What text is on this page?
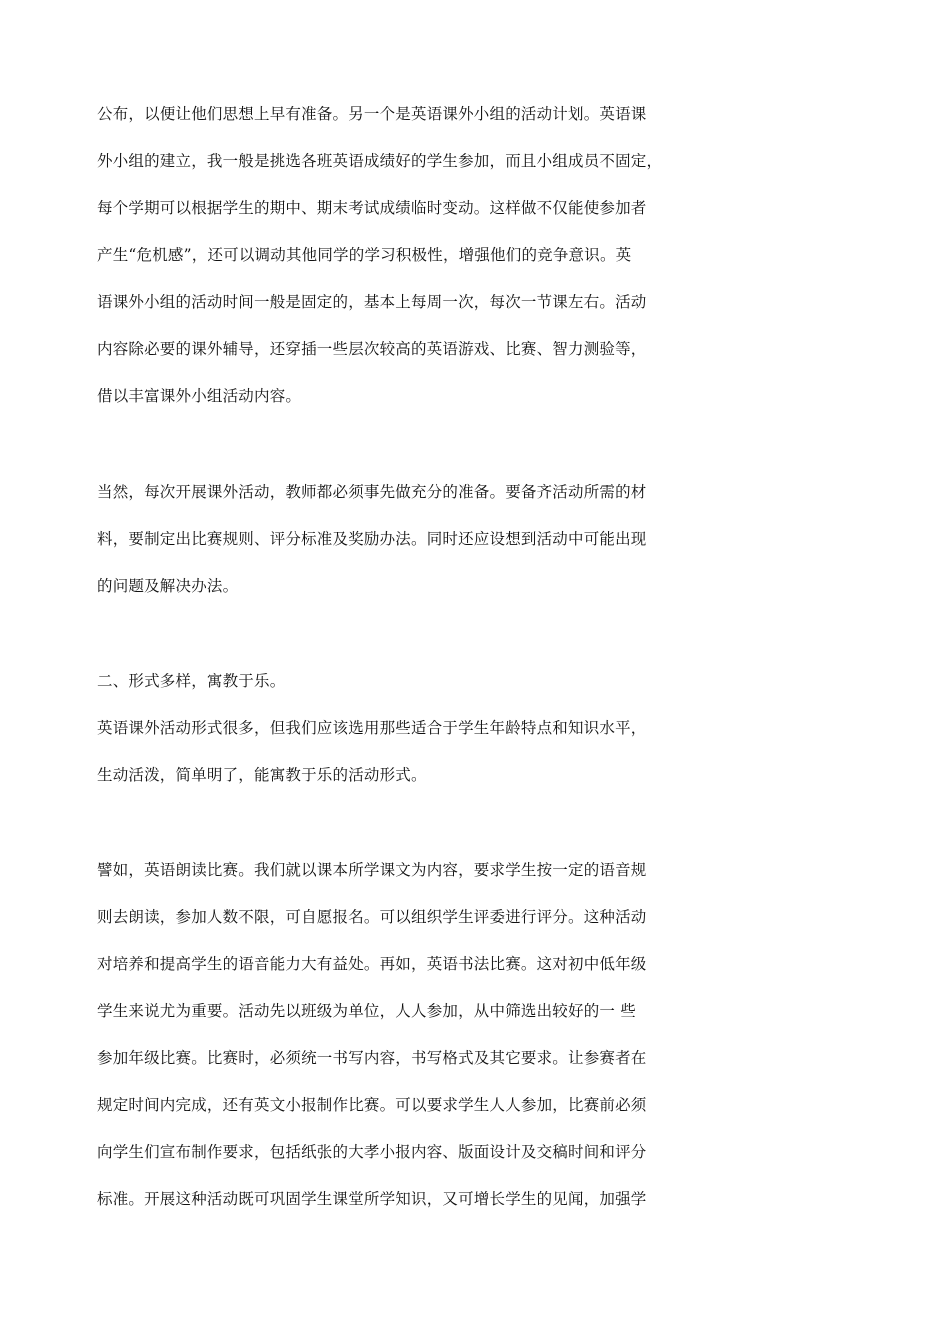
公布，以便让他们思想上早有准备。另一个是英语课外小组的活动计划。英语课
外小组的建立，我一般是挑选各班英语成绩好的学生参加，而且小组成员不固定，
每个学期可以根据学生的期中、期末考试成绩临时变动。这样做不仅能使参加者
产生“危机感”，还可以调动其他同学的学习积极性，增强他们的竞争意识。英
语课外小组的活动时间一般是固定的，基本上每周一次，每次一节课左右。活动
内容除必要的课外辅导，还穿插一些层次较高的英语游戏、比赛、智力测验等，
借以丰富课外小组活动内容。
当然，每次开展课外活动，教师都必须事先做充分的准备。要备齐活动所需的材
料，要制定出比赛规则、评分标准及奖励办法。同时还应设想到活动中可能出现
的问题及解决办法。
二、形式多样，寓教于乐。
英语课外活动形式很多，但我们应该选用那些适合于学生年龄特点和知识水平，
生动活泼，简单明了，能寓教于乐的活动形式。
譬如，英语朗读比赛。我们就以课本所学课文为内容，要求学生按一定的语音规
则去朗读，参加人数不限，可自愿报名。可以组织学生评委进行评分。这种活动
对培养和提高学生的语音能力大有益处。再如，英语书法比赛。这对初中低年级
学生来说尤为重要。活动先以班级为单位，人人参加，从中筛选出较好的一 些
参加年级比赛。比赛时，必须统一书写内容，书写格式及其它要求。让参赛者在
规定时间内完成，还有英文小报制作比赛。可以要求学生人人参加，比赛前必须
向学生们宣布制作要求，包括纸张的大孝小报内容、版面设计及交稿时间和评分
标准。开展这种活动既可巩固学生课堂所学知识，又可增长学生的见闻，加强学
